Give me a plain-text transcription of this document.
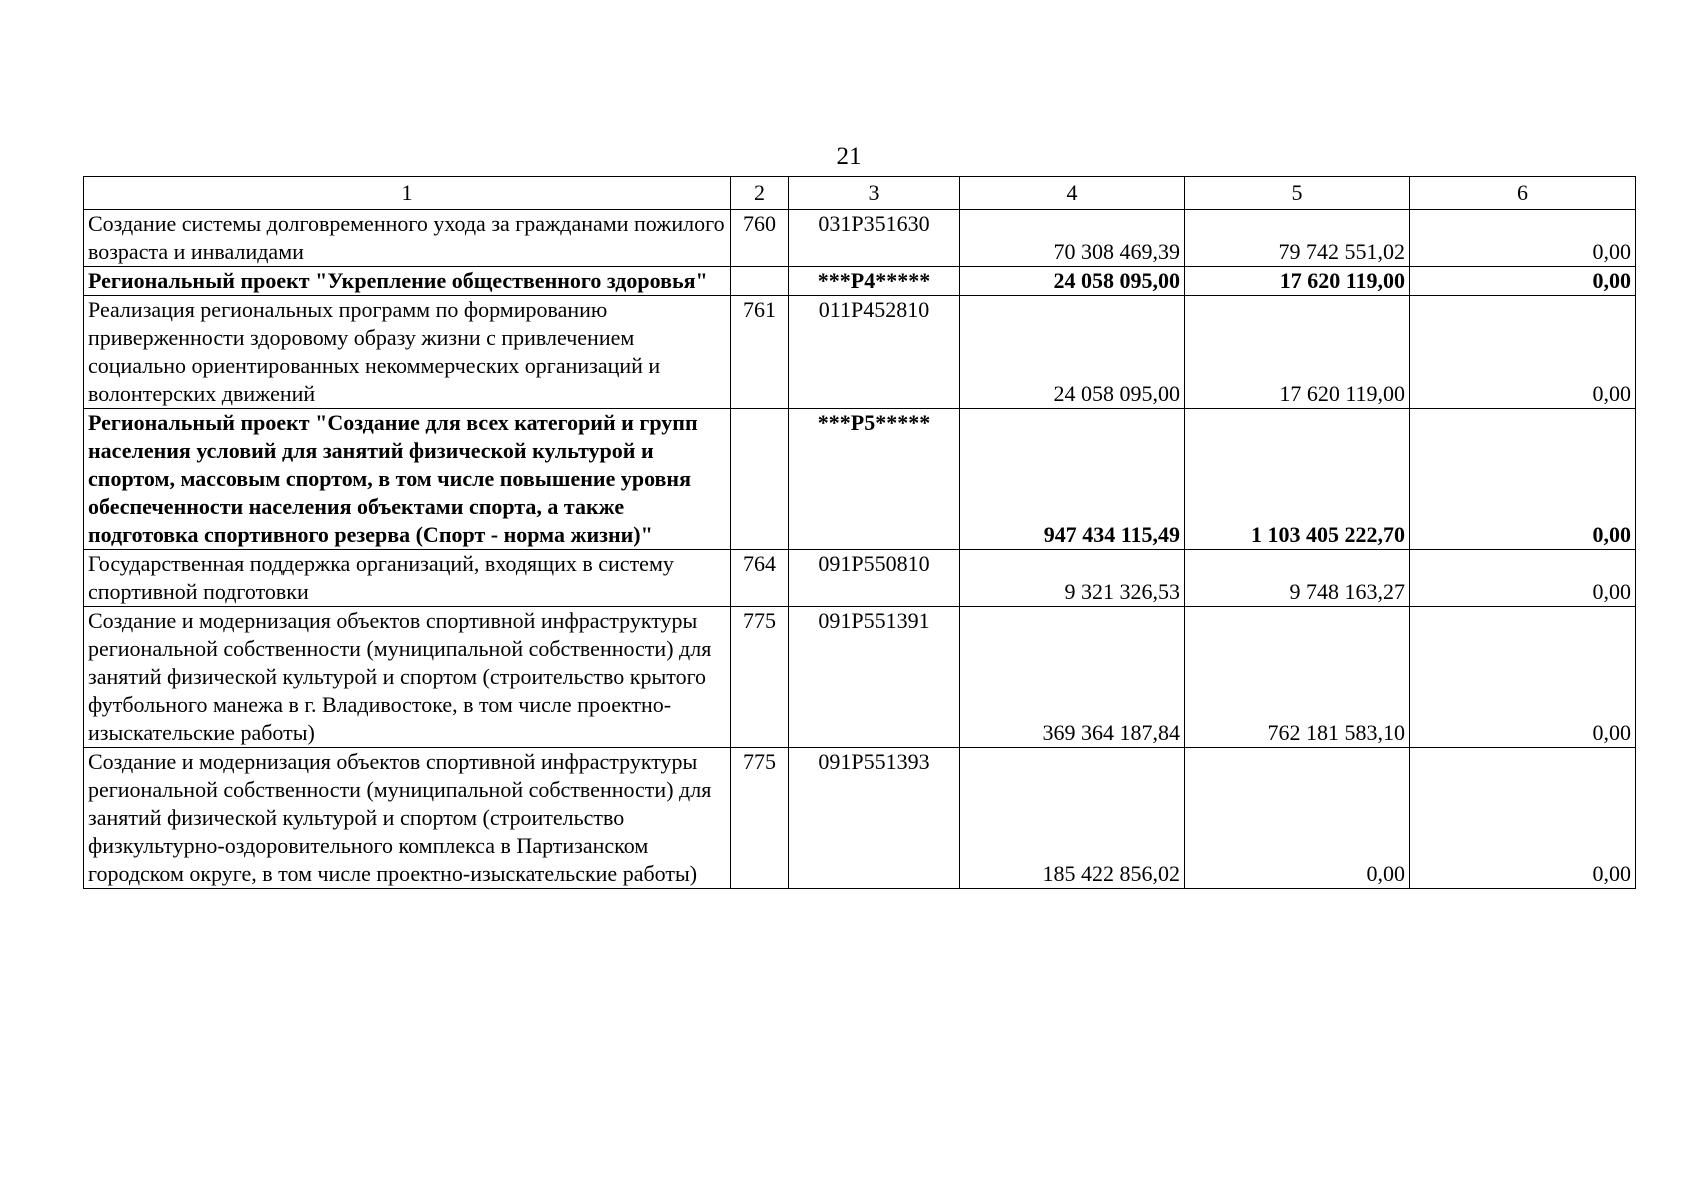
21
1	2	3	4	5	6
Создание системы долговременного ухода за гражданами пожилого возраста и инвалидами	760	031P351630	70 308 469,39	79 742 551,02	0,00
Региональный проект "Укрепление общественного здоровья"		***P4*****	24 058 095,00	17 620 119,00	0,00
Реализация региональных программ по формированию приверженности здоровому образу жизни с привлечением социально ориентированных некоммерческих организаций и волонтерских движений	761	011P452810	24 058 095,00	17 620 119,00	0,00
Региональный проект "Создание для всех категорий и групп населения условий для занятий физической культурой и спортом, массовым спортом, в том числе повышение уровня обеспеченности населения объектами спорта, а также подготовка спортивного резерва (Спорт - норма жизни)"		***P5*****	947 434 115,49	1 103 405 222,70	0,00
Государственная поддержка организаций, входящих в систему спортивной подготовки	764	091P550810	9 321 326,53	9 748 163,27	0,00
Создание и модернизация объектов спортивной инфраструктуры региональной собственности (муниципальной собственности) для занятий физической культурой и спортом (строительство крытого футбольного манежа в г. Владивостоке, в том числе проектно-изыскательские работы)	775	091P551391	369 364 187,84	762 181 583,10	0,00
Создание и модернизация объектов спортивной инфраструктуры региональной собственности (муниципальной собственности) для занятий физической культурой и спортом (строительство физкультурно-оздоровительного комплекса в Партизанском городском округе, в том числе проектно-изыскательские работы)	775	091P551393	185 422 856,02	0,00	0,00
